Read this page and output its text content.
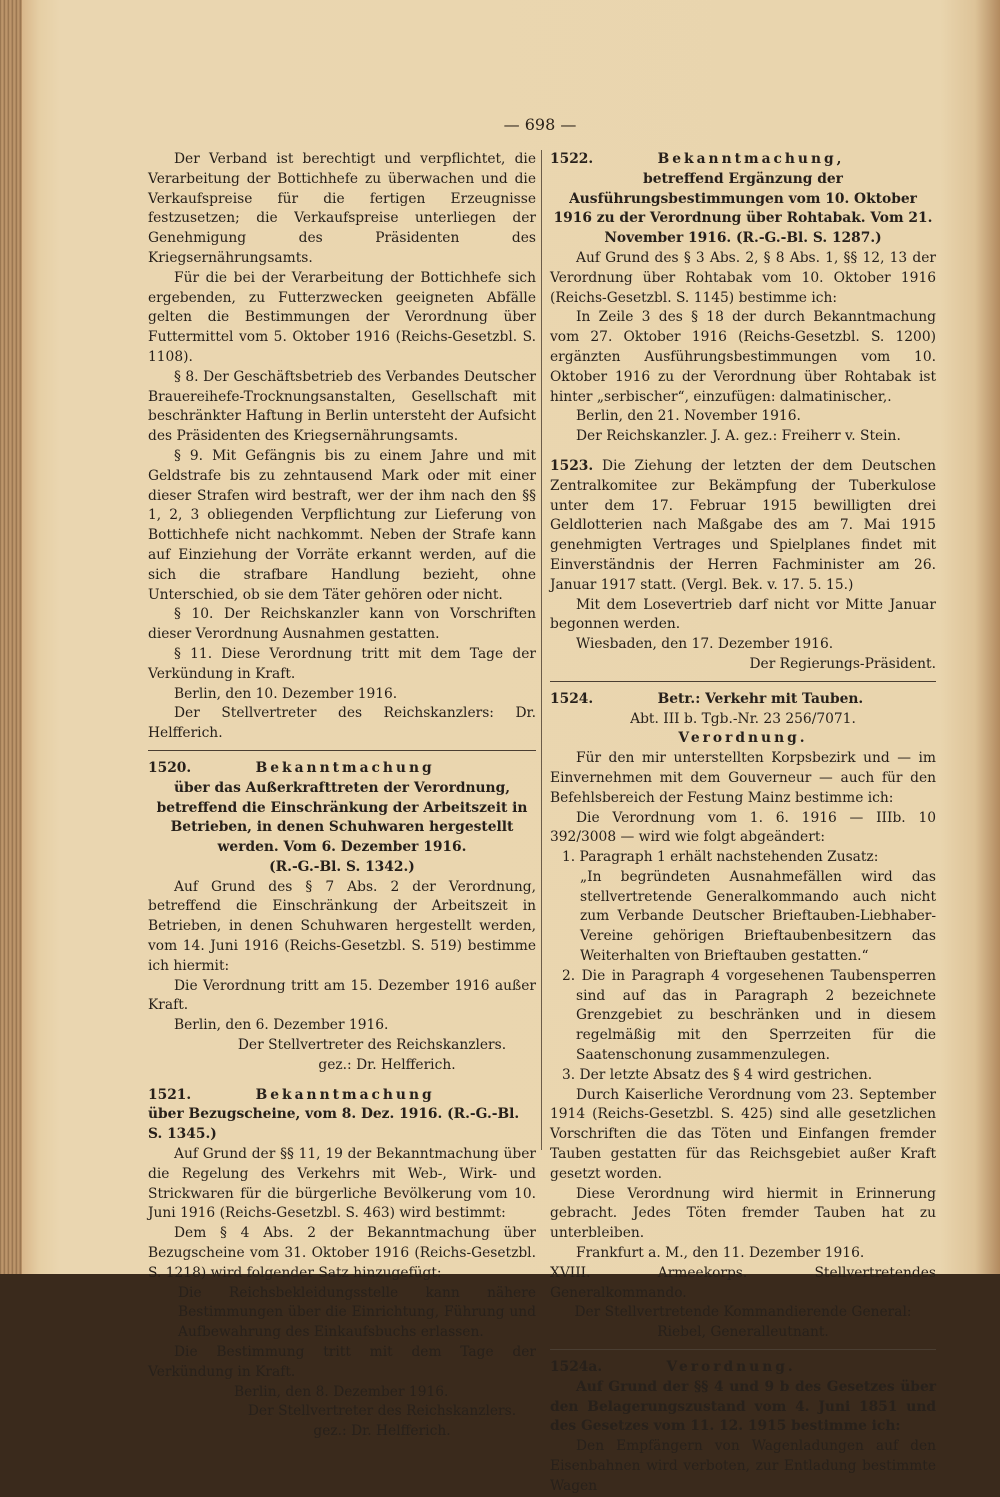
— 698 —

Der Verband ist berechtigt und verpflichtet, die Verarbeitung der Bottichhefe zu überwachen und die Verkaufspreise für die fertigen Erzeugnisse festzusetzen; die Verkaufspreise unterliegen der Genehmigung des Präsidenten des Kriegsernährungsamts.

Für die bei der Verarbeitung der Bottichhefe sich ergebenden, zu Futterzwecken geeigneten Abfälle gelten die Bestimmungen der Verordnung über Futtermittel vom 5. Oktober 1916 (Reichs-Gesetzbl. S. 1108).

§ 8. Der Geschäftsbetrieb des Verbandes Deutscher Brauereihefe-Trocknungsanstalten, Gesellschaft mit beschränkter Haftung in Berlin untersteht der Aufsicht des Präsidenten des Kriegsernährungsamts.

§ 9. Mit Gefängnis bis zu einem Jahre und mit Geldstrafe bis zu zehntausend Mark oder mit einer dieser Strafen wird bestraft, wer der ihm nach den §§ 1, 2, 3 obliegenden Verpflichtung zur Lieferung von Bottichhefe nicht nachkommt. Neben der Strafe kann auf Einziehung der Vorräte erkannt werden, auf die sich die strafbare Handlung bezieht, ohne Unterschied, ob sie dem Täter gehören oder nicht.

§ 10. Der Reichskanzler kann von Vorschriften dieser Verordnung Ausnahmen gestatten.

§ 11. Diese Verordnung tritt mit dem Tage der Verkündung in Kraft.

Berlin, den 10. Dezember 1916.

Der Stellvertreter des Reichskanzlers: Dr. Helfferich.

1520.	Bekanntmachung

über das Außerkrafttreten der Verordnung, betreffend die Einschränkung der Arbeitszeit in Betrieben, in denen Schuhwaren hergestellt werden. Vom 6. Dezember 1916.

(R.-G.-Bl. S. 1342.)

Auf Grund des § 7 Abs. 2 der Verordnung, betreffend die Einschränkung der Arbeitszeit in Betrieben, in denen Schuhwaren hergestellt werden, vom 14. Juni 1916 (Reichs-Gesetzbl. S. 519) bestimme ich hiermit:

Die Verordnung tritt am 15. Dezember 1916 außer Kraft.

Berlin, den 6. Dezember 1916.

Der Stellvertreter des Reichskanzlers.

gez.: Dr. Helfferich.

1521.	Bekanntmachung

über Bezugscheine, vom 8. Dez. 1916. (R.-G.-Bl. S. 1345.)

Auf Grund der §§ 11, 19 der Bekanntmachung über die Regelung des Verkehrs mit Web-, Wirk- und Strickwaren für die bürgerliche Bevölkerung vom 10. Juni 1916 (Reichs-Gesetzbl. S. 463) wird bestimmt:

Dem § 4 Abs. 2 der Bekanntmachung über Bezugscheine vom 31. Oktober 1916 (Reichs-Gesetzbl. S. 1218) wird folgender Satz hinzugefügt:

Die Reichsbekleidungsstelle kann nähere Bestimmungen über die Einrichtung, Führung und Aufbewahrung des Einkaufsbuchs erlassen.

Die Bestimmung tritt mit dem Tage der Verkündung in Kraft.

Berlin, den 8. Dezember 1916.

Der Stellvertreter des Reichskanzlers.

gez.: Dr. Helfferich.

1522.	Bekanntmachung,

betreffend Ergänzung der Ausführungsbestimmungen vom 10. Oktober 1916 zu der Verordnung über Rohtabak. Vom 21. November 1916. (R.-G.-Bl. S. 1287.)

Auf Grund des § 3 Abs. 2, § 8 Abs. 1, §§ 12, 13 der Verordnung über Rohtabak vom 10. Oktober 1916 (Reichs-Gesetzbl. S. 1145) bestimme ich:

In Zeile 3 des § 18 der durch Bekanntmachung vom 27. Oktober 1916 (Reichs-Gesetzbl. S. 1200) ergänzten Ausführungsbestimmungen vom 10. Oktober 1916 zu der Verordnung über Rohtabak ist hinter „serbischer“, einzufügen: dalmatinischer,.

Berlin, den 21. November 1916.

Der Reichskanzler. J. A. gez.: Freiherr v. Stein.

1523. Die Ziehung der letzten der dem Deutschen Zentralkomitee zur Bekämpfung der Tuberkulose unter dem 17. Februar 1915 bewilligten drei Geldlotterien nach Maßgabe des am 7. Mai 1915 genehmigten Vertrages und Spielplanes findet mit Einverständnis der Herren Fachminister am 26. Januar 1917 statt. (Vergl. Bek. v. 17. 5. 15.)

Mit dem Losevertrieb darf nicht vor Mitte Januar begonnen werden.

Wiesbaden, den 17. Dezember 1916.

Der Regierungs-Präsident.

1524.	Betr.: Verkehr mit Tauben.

Abt. III b. Tgb.-Nr. 23 256/7071.

Verordnung.

Für den mir unterstellten Korpsbezirk und — im Einvernehmen mit dem Gouverneur — auch für den Befehlsbereich der Festung Mainz bestimme ich:

Die Verordnung vom 1. 6. 1916 — IIIb. 10 392/3008 — wird wie folgt abgeändert:

1. Paragraph 1 erhält nachstehenden Zusatz:

„In begründeten Ausnahmefällen wird das stellvertretende Generalkommando auch nicht zum Verbande Deutscher Brieftauben-Liebhaber-Vereine gehörigen Brieftaubenbesitzern das Weiterhalten von Brieftauben gestatten.“

2. Die in Paragraph 4 vorgesehenen Taubensperren sind auf das in Paragraph 2 bezeichnete Grenzgebiet zu beschränken und in diesem regelmäßig mit den Sperrzeiten für die Saatenschonung zusammenzulegen.

3. Der letzte Absatz des § 4 wird gestrichen.

Durch Kaiserliche Verordnung vom 23. September 1914 (Reichs-Gesetzbl. S. 425) sind alle gesetzlichen Vorschriften die das Töten und Einfangen fremder Tauben gestatten für das Reichsgebiet außer Kraft gesetzt worden.

Diese Verordnung wird hiermit in Erinnerung gebracht. Jedes Töten fremder Tauben hat zu unterbleiben.

Frankfurt a. M., den 11. Dezember 1916.

XVIII. Armeekorps. Stellvertretendes Generalkommando.

Der Stellvertretende Kommandierende General:

Riebel, Generalleutnant.

1524a.	Verordnung.

Auf Grund der §§ 4 und 9 b des Gesetzes über den Belagerungszustand vom 4. Juni 1851 und des Gesetzes vom 11. 12. 1915 bestimme ich:

Den Empfängern von Wagenladungen auf den Eisenbahnen wird verboten, zur Entladung bestimmte Wagen
